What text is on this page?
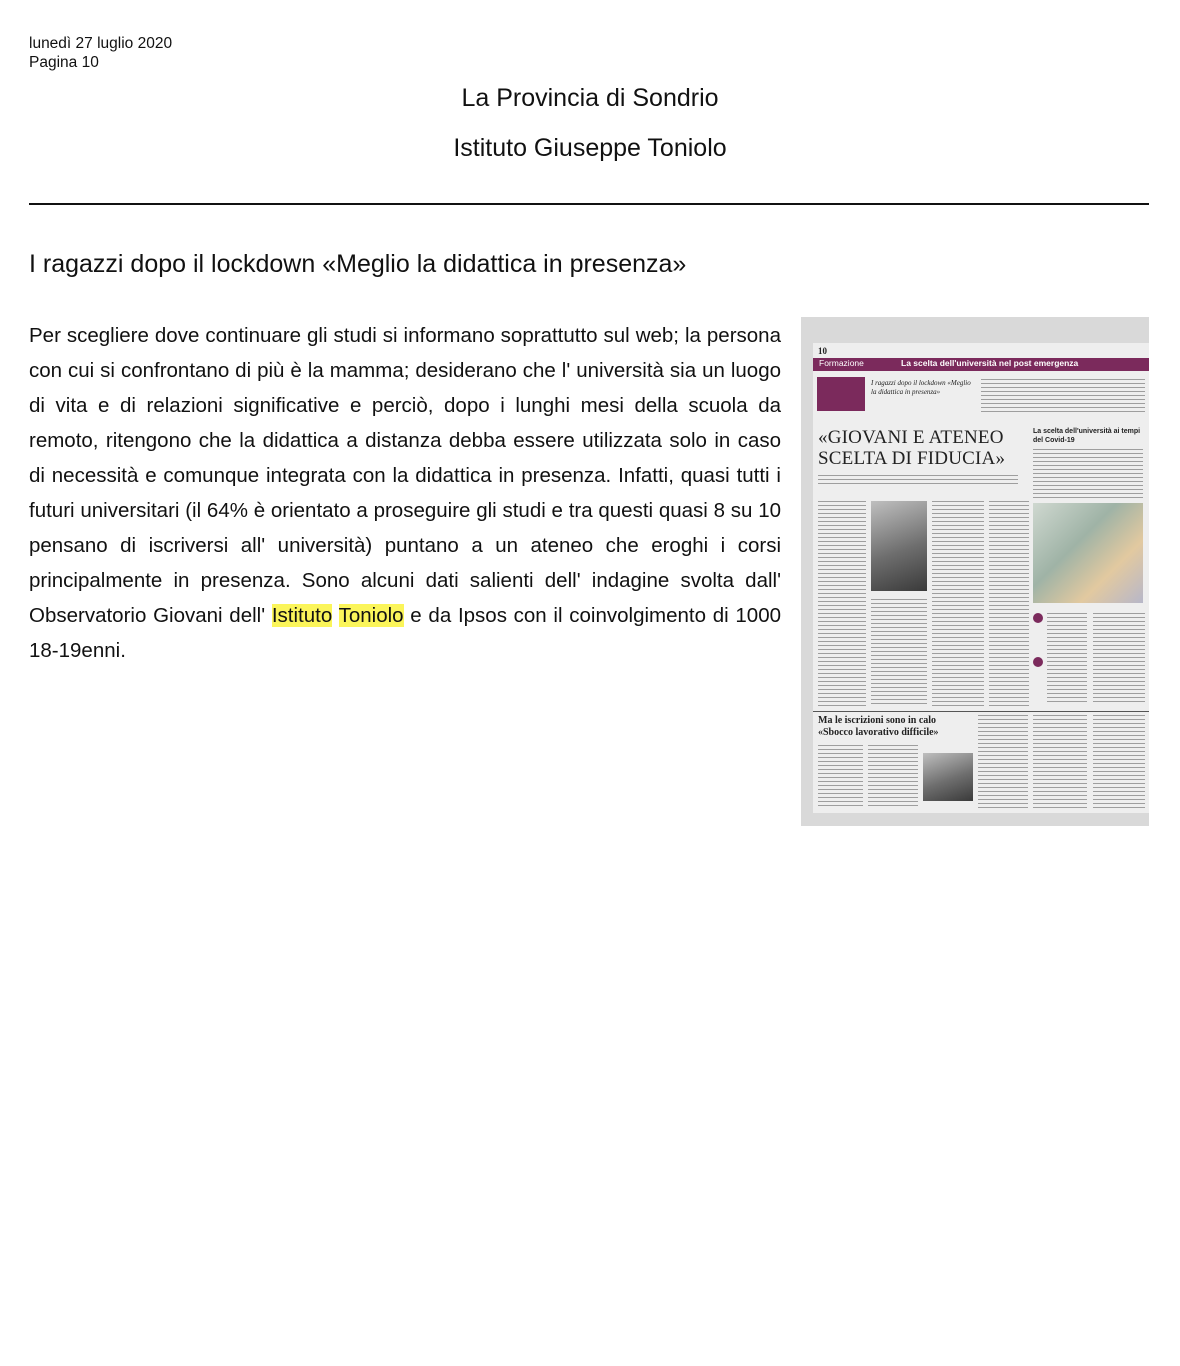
lunedì 27 luglio 2020
Pagina 10
La Provincia di Sondrio
Istituto Giuseppe Toniolo
I ragazzi dopo il lockdown «Meglio la didattica in presenza»
Per scegliere dove continuare gli studi si informano soprattutto sul web; la persona con cui si confrontano di più è la mamma; desiderano che l' università sia un luogo di vita e di relazioni significative e perciò, dopo i lunghi mesi della scuola da remoto, ritengono che la didattica a distanza debba essere utilizzata solo in caso di necessità e comunque integrata con la didattica in presenza. Infatti, quasi tutti i futuri universitari (il 64% è orientato a proseguire gli studi e tra questi quasi 8 su 10 pensano di iscriversi all' università) puntano a un ateneo che eroghi i corsi principalmente in presenza. Sono alcuni dati salienti dell' indagine svolta dall' Observatorio Giovani dell' Istituto Toniolo e da Ipsos con il coinvolgimento di 1000 18-19enni.
10
Formazione	La scelta dell'università nel post emergenza
I ragazzi dopo il lockdown «Meglio la didattica in presenza»
«GIOVANI E ATENEO
SCELTA DI FIDUCIA»
La scelta dell'università ai tempi del Covid-19
Ma le iscrizioni sono in calo
«Sbocco lavorativo difficile»
